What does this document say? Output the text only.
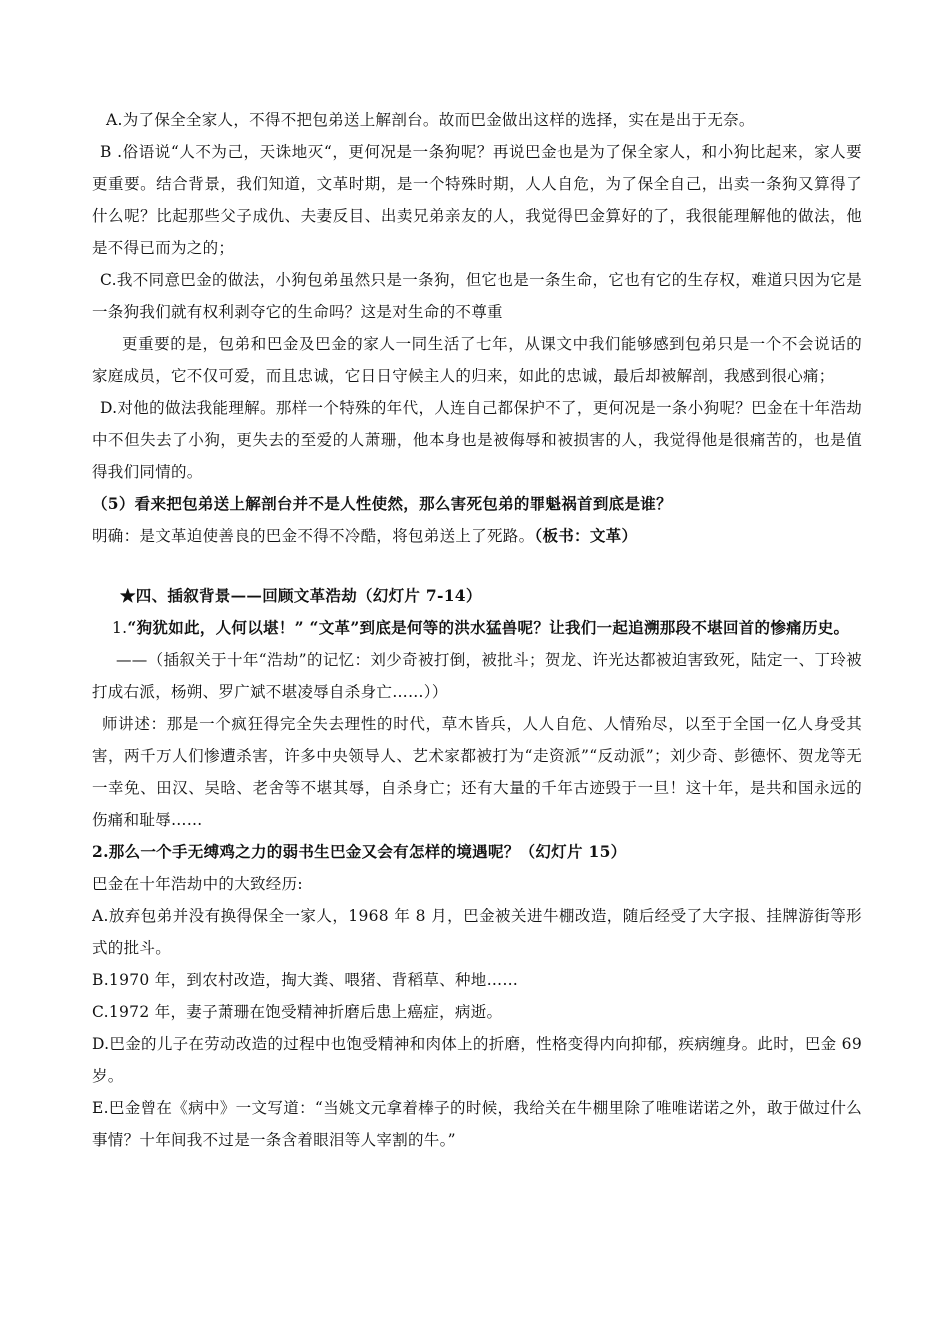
A.为了保全全家人，不得不把包弟送上解剖台。故而巴金做出这样的选择，实在是出于无奈。

B .俗语说“人不为己，天诛地灭“，更何况是一条狗呢？再说巴金也是为了保全家人，和小狗比起来，家人要更重要。结合背景，我们知道，文革时期，是一个特殊时期，人人自危，为了保全自己，出卖一条狗又算得了什么呢？比起那些父子成仇、夫妻反目、出卖兄弟亲友的人，我觉得巴金算好的了，我很能理解他的做法，他是不得已而为之的；

C.我不同意巴金的做法，小狗包弟虽然只是一条狗，但它也是一条生命，它也有它的生存权，难道只因为它是一条狗我们就有权利剥夺它的生命吗？这是对生命的不尊重

更重要的是，包弟和巴金及巴金的家人一同生活了七年，从课文中我们能够感到包弟只是一个不会说话的家庭成员，它不仅可爱，而且忠诚，它日日守候主人的归来，如此的忠诚，最后却被解剖，我感到很心痛；

D.对他的做法我能理解。那样一个特殊的年代，人连自己都保护不了，更何况是一条小狗呢？巴金在十年浩劫中不但失去了小狗，更失去的至爱的人萧珊，他本身也是被侮辱和被损害的人，我觉得他是很痛苦的，也是值得我们同情的。

（5）看来把包弟送上解剖台并不是人性使然，那么害死包弟的罪魁祸首到底是谁？

明确：是文革迫使善良的巴金不得不冷酷，将包弟送上了死路。（板书：文革）

★四、插叙背景——回顾文革浩劫（幻灯片 7-14）

1.“狗犹如此，人何以堪！” “文革”到底是何等的洪水猛兽呢？让我们一起追溯那段不堪回首的惨痛历史。

——（插叙关于十年“浩劫”的记忆：刘少奇被打倒，被批斗；贺龙、许光达都被迫害致死，陆定一、丁玲被打成右派，杨朔、罗广斌不堪凌辱自杀身亡……））

师讲述：那是一个疯狂得完全失去理性的时代，草木皆兵，人人自危、人情殆尽，以至于全国一亿人身受其害，两千万人们惨遭杀害，许多中央领导人、艺术家都被打为“走资派”“反动派”；刘少奇、彭德怀、贺龙等无一幸免、田汉、吴晗、老舍等不堪其辱，自杀身亡；还有大量的千年古迹毁于一旦！这十年，是共和国永远的伤痛和耻辱……

2.那么一个手无缚鸡之力的弱书生巴金又会有怎样的境遇呢？（幻灯片 15）

巴金在十年浩劫中的大致经历:

A.放弃包弟并没有换得保全一家人，1968 年 8 月，巴金被关进牛棚改造，随后经受了大字报、挂牌游街等形式的批斗。

B.1970 年，到农村改造，掏大粪、喂猪、背稻草、种地……

C.1972 年，妻子萧珊在饱受精神折磨后患上癌症，病逝。

D.巴金的儿子在劳动改造的过程中也饱受精神和肉体上的折磨，性格变得内向抑郁，疾病缠身。此时，巴金 69 岁。

E.巴金曾在《病中》一文写道：“当姚文元拿着棒子的时候，我给关在牛棚里除了唯唯诺诺之外，敢于做过什么事情？十年间我不过是一条含着眼泪等人宰割的牛。”
